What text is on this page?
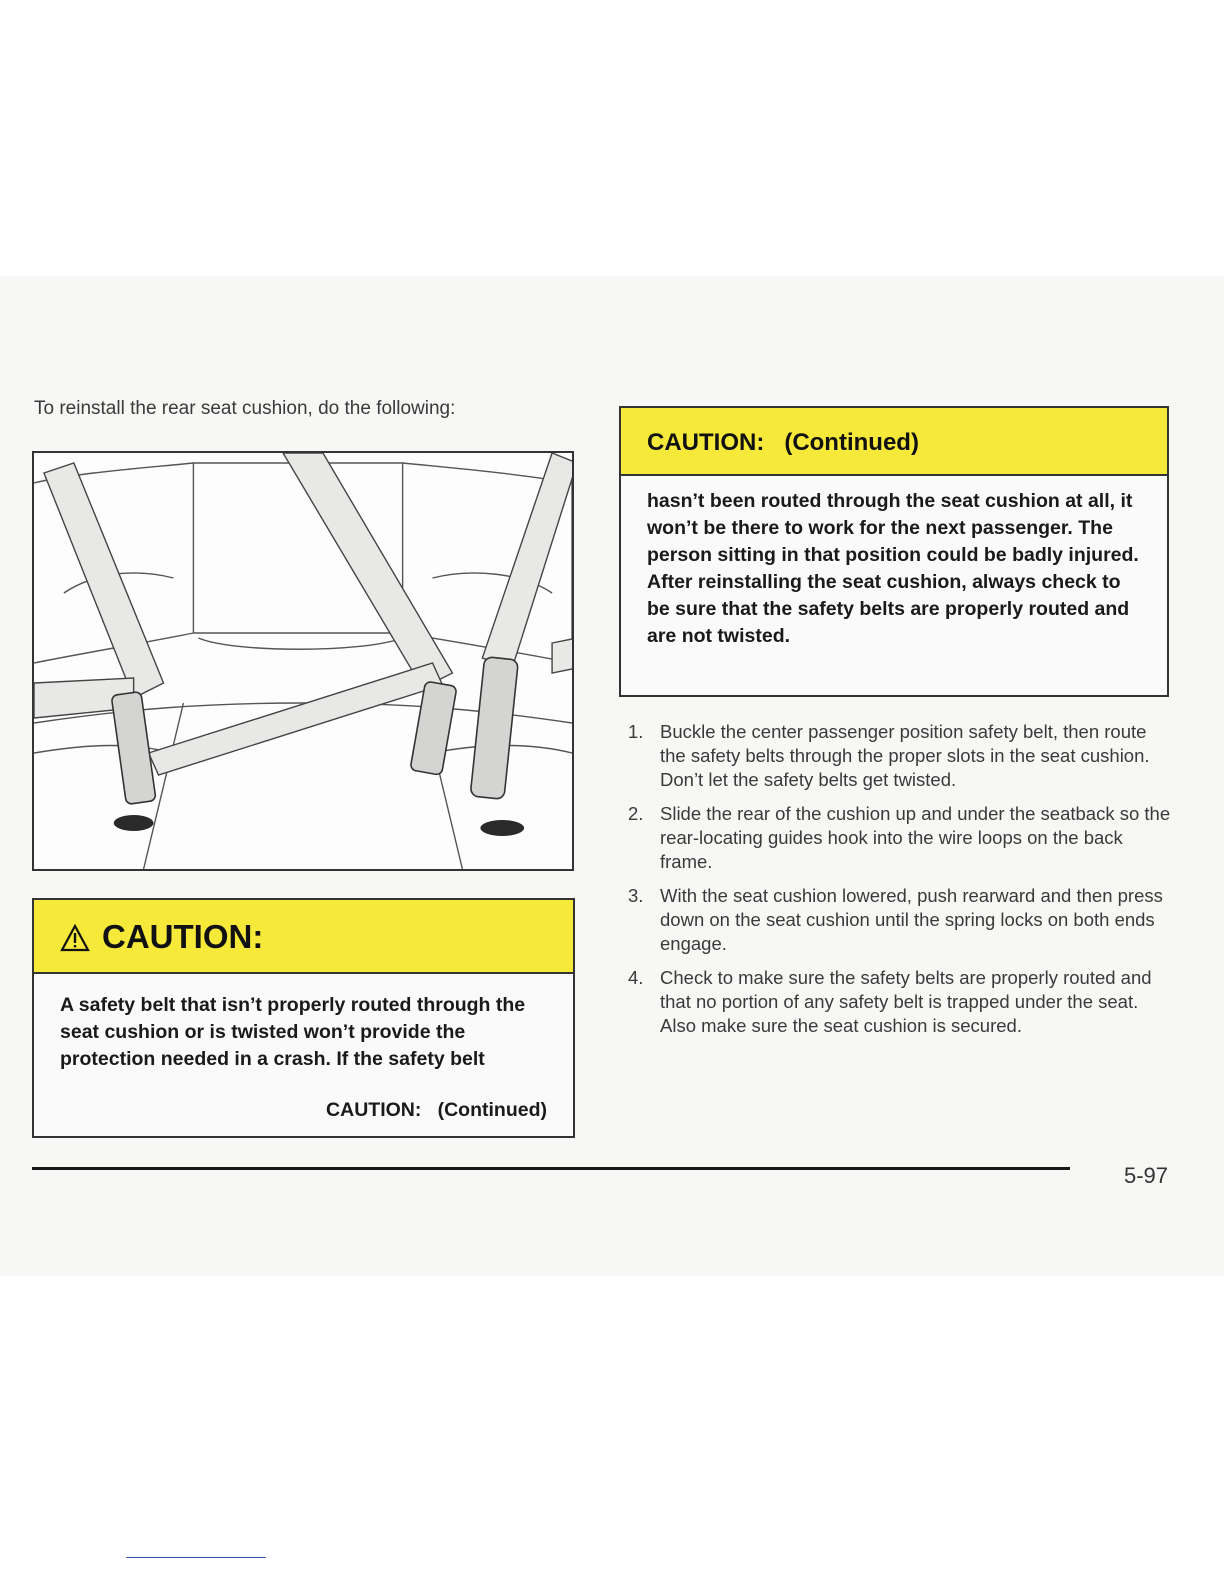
To reinstall the rear seat cushion, do the following:

CAUTION:

A safety belt that isn’t properly routed through the seat cushion or is twisted won’t provide the protection needed in a crash. If the safety belt

CAUTION:   (Continued)
CAUTION:   (Continued)

hasn’t been routed through the seat cushion at all, it won’t be there to work for the next passenger. The person sitting in that position could be badly injured. After reinstalling the seat cushion, always check to be sure that the safety belts are properly routed and are not twisted.

1. Buckle the center passenger position safety belt, then route the safety belts through the proper slots in the seat cushion. Don’t let the safety belts get twisted.
2. Slide the rear of the cushion up and under the seatback so the rear-locating guides hook into the wire loops on the back frame.
3. With the seat cushion lowered, push rearward and then press down on the seat cushion until the spring locks on both ends engage.
4. Check to make sure the safety belts are properly routed and that no portion of any safety belt is trapped under the seat. Also make sure the seat cushion is secured.
5-97
